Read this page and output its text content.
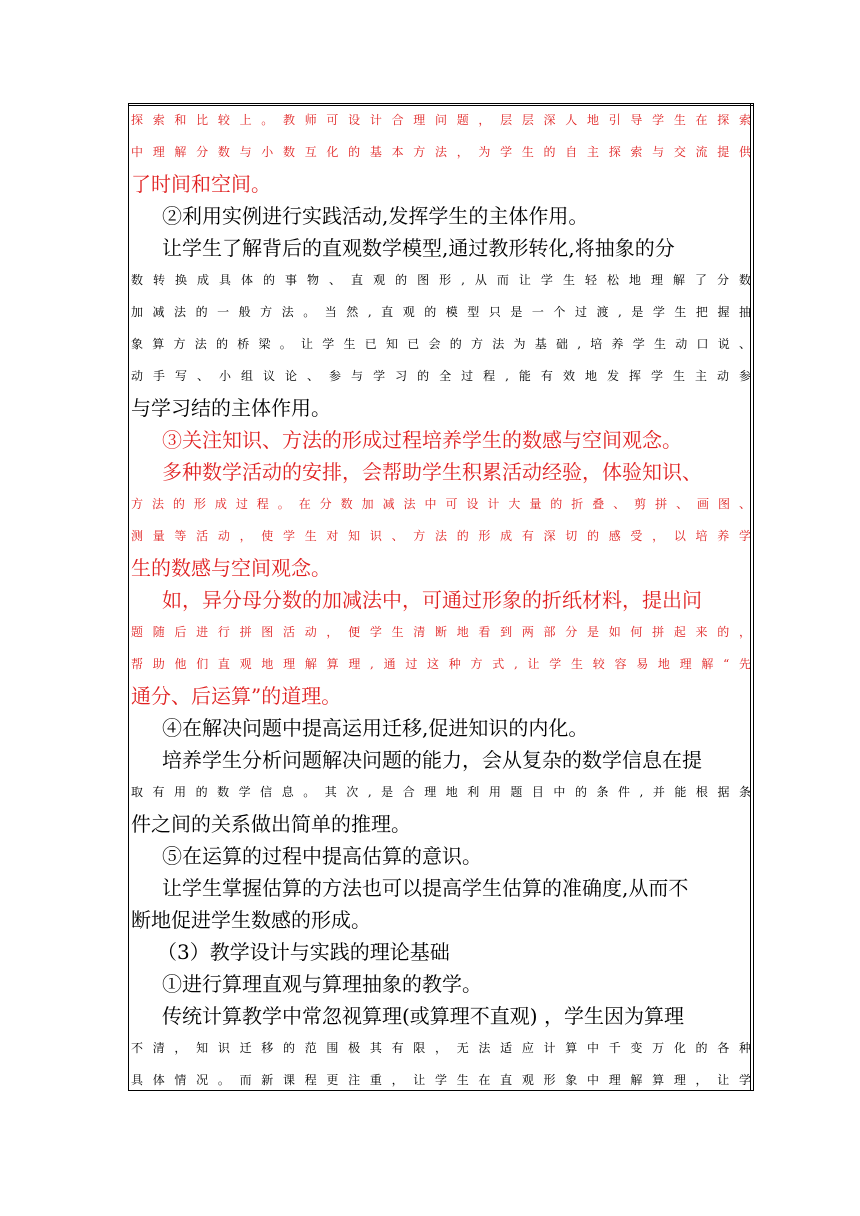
探索和比较上。教师可设计合理问题，层层深人地引导学生在探索
中理解分数与小数互化的基本方法，为学生的自主探索与交流提供
了时间和空间。
②利用实例进行实践活动,发挥学生的主体作用。
让学生了解背后的直观数学模型,通过教形转化,将抽象的分
数转换成具体的事物、直观的图形,从而让学生轻松地理解了分数
加减法的一般方法。当然,直观的模型只是一个过渡,是学生把握抽
象算方法的桥梁。让学生已知已会的方法为基础,培养学生动口说、
动手写、小组议论、参与学习的全过程,能有效地发挥学生主动参
与学习结的主体作用。
③关注知识、方法的形成过程培养学生的数感与空间观念。
多种数学活动的安排，会帮助学生积累活动经验，体验知识、
方法的形成过程。在分数加减法中可设计大量的折叠、剪拼、画图、
测量等活动，使学生对知识、方法的形成有深切的感受，以培养学
生的数感与空间观念。
如，异分母分数的加减法中，可通过形象的折纸材料，提出问
题随后进行拼图活动，便学生清断地看到两部分是如何拼起来的，
帮助他们直观地理解算理,通过这种方式,让学生较容易地理解“先
通分、后运算”的道理。
④在解决问题中提高运用迁移,促进知识的内化。
培养学生分析问题解决问题的能力，会从复杂的数学信息在提
取有用的数学信息。其次,是合理地利用题目中的条件,并能根据条
件之间的关系做出简单的推理。
⑤在运算的过程中提高估算的意识。
让学生掌握估算的方法也可以提高学生估算的准确度,从而不
断地促进学生数感的形成。
（3）教学设计与实践的理论基础
①进行算理直观与算理抽象的教学。
传统计算教学中常忽视算理(或算理不直观) ，学生因为算理
不清，知识迁移的范围极其有限，无法适应计算中千变万化的各种
具体情况。而新课程更注重，让学生在直观形象中理解算理，让学
